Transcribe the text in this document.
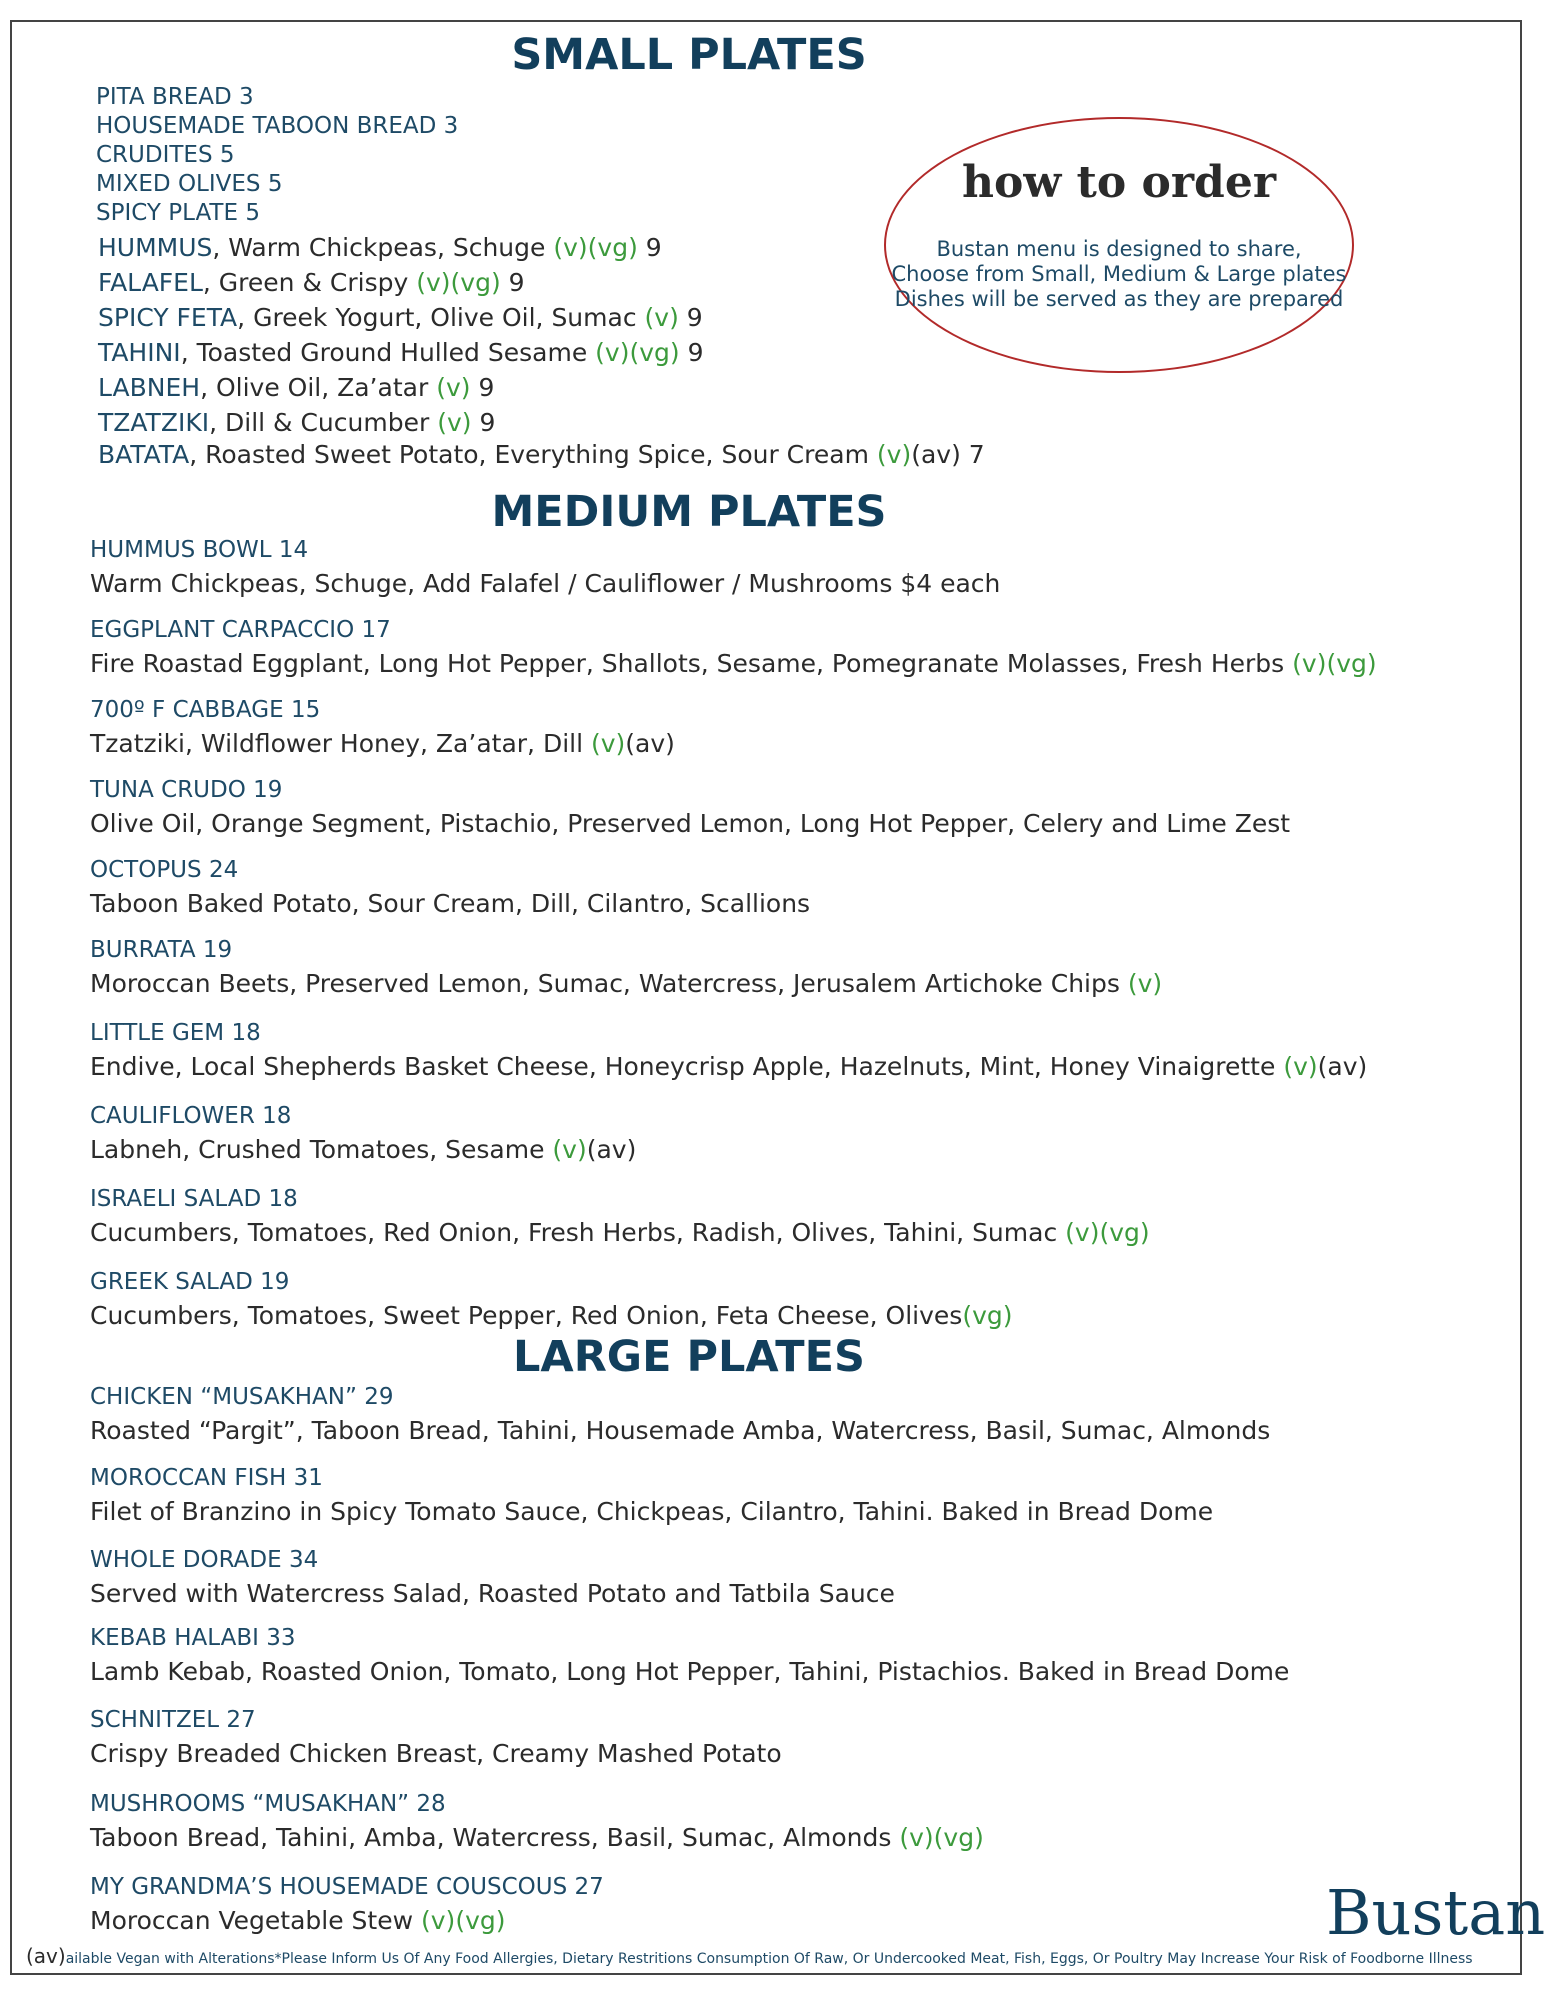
SMALL PLATES
PITA BREAD 3
HOUSEMADE TABOON BREAD 3
CRUDITES 5
MIXED OLIVES 5
SPICY PLATE 5
HUMMUS, Warm Chickpeas, Schuge (v)(vg) 9
FALAFEL, Green & Crispy (v)(vg) 9
SPICY FETA, Greek Yogurt, Olive Oil, Sumac (v) 9
TAHINI, Toasted Ground Hulled Sesame (v)(vg) 9
LABNEH, Olive Oil, Za’atar (v) 9
TZATZIKI, Dill & Cucumber (v) 9
BATATA, Roasted Sweet Potato, Everything Spice, Sour Cream (v)(av) 7
how to order
Bustan menu is designed to share,
Choose from Small, Medium & Large plates
Dishes will be served as they are prepared
MEDIUM PLATES
HUMMUS BOWL 14
Warm Chickpeas, Schuge, Add Falafel / Cauliflower / Mushrooms $4 each
EGGPLANT CARPACCIO 17
Fire Roastad Eggplant, Long Hot Pepper, Shallots, Sesame, Pomegranate Molasses, Fresh Herbs (v)(vg)
700º F CABBAGE 15
Tzatziki, Wildflower Honey, Za’atar, Dill (v)(av)
TUNA CRUDO 19
Olive Oil, Orange Segment, Pistachio, Preserved Lemon, Long Hot Pepper, Celery and Lime Zest
OCTOPUS 24
Taboon Baked Potato, Sour Cream, Dill, Cilantro, Scallions
BURRATA 19
Moroccan Beets, Preserved Lemon, Sumac, Watercress, Jerusalem Artichoke Chips (v)
LITTLE GEM 18
Endive, Local Shepherds Basket Cheese, Honeycrisp Apple, Hazelnuts, Mint, Honey Vinaigrette (v)(av)
CAULIFLOWER 18
Labneh, Crushed Tomatoes, Sesame (v)(av)
ISRAELI SALAD 18
Cucumbers, Tomatoes, Red Onion, Fresh Herbs, Radish, Olives, Tahini, Sumac (v)(vg)
GREEK SALAD 19
Cucumbers, Tomatoes, Sweet Pepper, Red Onion, Feta Cheese, Olives(vg)
LARGE PLATES
CHICKEN “MUSAKHAN” 29
Roasted “Pargit”, Taboon Bread, Tahini, Housemade Amba, Watercress, Basil, Sumac, Almonds
MOROCCAN FISH 31
Filet of Branzino in Spicy Tomato Sauce, Chickpeas, Cilantro, Tahini. Baked in Bread Dome
WHOLE DORADE 34
Served with Watercress Salad, Roasted Potato and Tatbila Sauce
KEBAB HALABI 33
Lamb Kebab, Roasted Onion, Tomato, Long Hot Pepper, Tahini, Pistachios. Baked in Bread Dome
SCHNITZEL 27
Crispy Breaded Chicken Breast, Creamy Mashed Potato
MUSHROOMS “MUSAKHAN” 28
Taboon Bread, Tahini, Amba, Watercress, Basil, Sumac, Almonds (v)(vg)
MY GRANDMA’S HOUSEMADE COUSCOUS 27
Moroccan Vegetable Stew (v)(vg)	Bustan
(av)ailable Vegan with Alterations*Please Inform Us Of Any Food Allergies, Dietary Restritions Consumption Of Raw, Or Undercooked Meat, Fish, Eggs, Or Poultry May Increase Your Risk of Foodborne Illness
